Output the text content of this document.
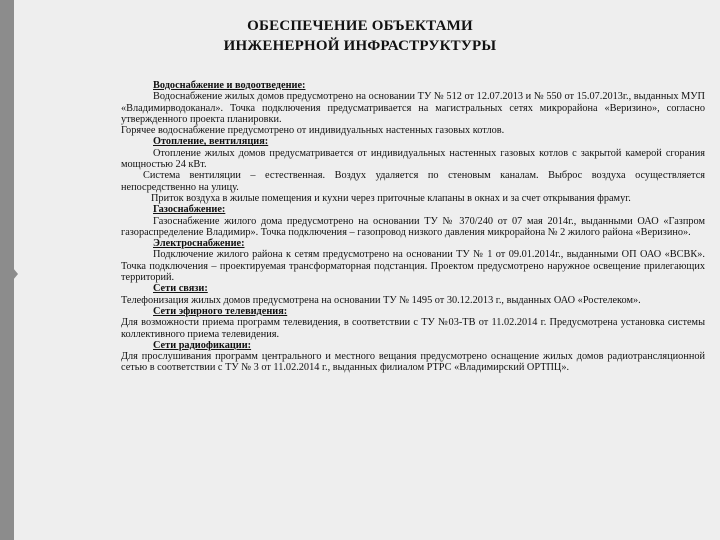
ОБЕСПЕЧЕНИЕ ОБЪЕКТАМИ
ИНЖЕНЕРНОЙ ИНФРАСТРУКТУРЫ

Водоснабжение и водоотведение:

Водоснабжение жилых домов предусмотрено на основании ТУ № 512 от 12.07.2013 и № 550 от 15.07.2013г., выданных МУП «Владимирводоканал». Точка подключения предусматривается на магистральных сетях микрорайона «Веризино», согласно утвержденного проекта планировки.

Горячее водоснабжение предусмотрено от индивидуальных настенных газовых котлов.

Отопление, вентиляция:

Отопление жилых домов предусматривается от индивидуальных настенных газовых котлов с закрытой камерой сгорания мощностью 24 кВт.

Система вентиляции – естественная. Воздух удаляется по стеновым каналам. Выброс воздуха осуществляется непосредственно на улицу.

Приток воздуха в жилые помещения и кухни через приточные клапаны в окнах и за счет открывания фрамуг.

Газоснабжение:

Газоснабжение жилого дома предусмотрено на основании ТУ № 370/240 от 07 мая 2014г., выданными ОАО «Газпром газораспределение Владимир». Точка подключения – газопровод низкого давления микрорайона № 2 жилого района «Веризино».

Электроснабжение:

Подключение жилого района к сетям предусмотрено на основании ТУ № 1 от 09.01.2014г., выданными ОП ОАО «ВСВК». Точка подключения – проектируемая трансформаторная подстанция. Проектом предусмотрено наружное освещение прилегающих территорий.

Сети связи:

Телефонизация жилых домов предусмотрена на основании ТУ № 1495 от 30.12.2013 г., выданных ОАО «Ростелеком».

Сети эфирного телевидения:

Для возможности приема программ телевидения, в соответствии с ТУ №03-ТВ от 11.02.2014 г. Предусмотрена установка системы коллективного приема телевидения.

Сети радиофикации:

Для прослушивания программ центрального и местного вещания предусмотрено оснащение жилых домов радиотрансляционной сетью в соответствии с ТУ № 3 от 11.02.2014 г., выданных филиалом РТРС «Владимирский ОРТПЦ».
